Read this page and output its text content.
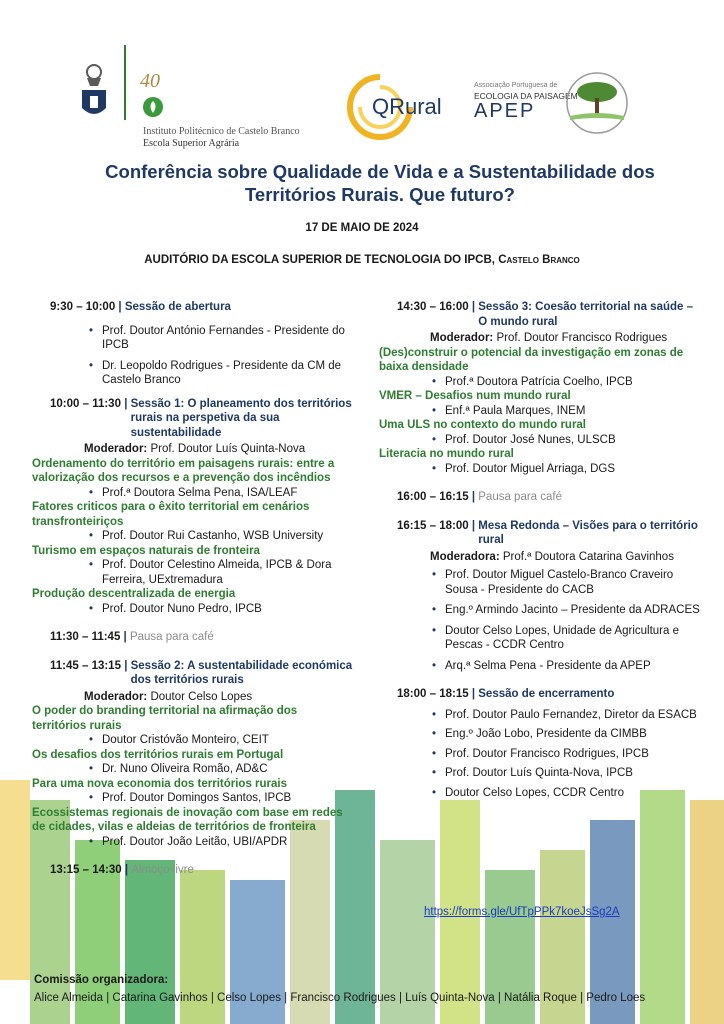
40
Instituto Politécnico de Castelo Branco
Escola Superior Agrária
QRural
Associação Portuguesa de
ECOLOGIA DA PAISAGEM
APEP
Conferência sobre Qualidade de Vida e a Sustentabilidade dos
Territórios Rurais. Que futuro?
17 DE MAIO DE 2024
AUDITÓRIO DA ESCOLA SUPERIOR DE TECNOLOGIA DO IPCB, Castelo Branco
9:30 – 10:00 | Sessão de abertura
• Prof. Doutor António Fernandes - Presidente do IPCB
• Dr. Leopoldo Rodrigues - Presidente da CM de Castelo Branco
10:00 – 11:30 | Sessão 1: O planeamento dos territórios rurais na perspetiva da sua sustentabilidade
Moderador: Prof. Doutor Luís Quinta-Nova
Ordenamento do território em paisagens rurais: entre a valorização dos recursos e a prevenção dos incêndios
• Prof.ª Doutora Selma Pena, ISA/LEAF
Fatores criticos para o êxito territorial em cenários transfronteiriços
• Prof. Doutor Rui Castanho, WSB University
Turismo em espaços naturais de fronteira
• Prof. Doutor Celestino Almeida, IPCB & Dora Ferreira, UExtremadura
Produção descentralizada de energia
• Prof. Doutor Nuno Pedro, IPCB
11:30 – 11:45 | Pausa para café
11:45 – 13:15 | Sessão 2: A sustentabilidade económica dos territórios rurais
Moderador: Doutor Celso Lopes
O poder do branding territorial na afirmação dos territórios rurais
• Doutor Cristóvão Monteiro, CEIT
Os desafios dos territórios rurais em Portugal
• Dr. Nuno Oliveira Romão, AD&C
Para uma nova economia dos territórios rurais
• Prof. Doutor Domingos Santos, IPCB
Ecossistemas regionais de inovação com base em redes de cidades, vilas e aldeias de territórios de fronteira
• Prof. Doutor João Leitão, UBI/APDR
13:15 – 14:30 | Almoço livre
14:30 – 16:00 | Sessão 3: Coesão territorial na saúde – O mundo rural
Moderador: Prof. Doutor Francisco Rodrigues
(Des)construir o potencial da investigação em zonas de baixa densidade
• Prof.ª Doutora Patrícia Coelho, IPCB
VMER – Desafios num mundo rural
• Enf.ª Paula Marques, INEM
Uma ULS no contexto do mundo rural
• Prof. Doutor José Nunes, ULSCB
Literacia no mundo rural
• Prof. Doutor Miguel Arriaga, DGS
16:00 – 16:15 | Pausa para café
16:15 – 18:00 | Mesa Redonda – Visões para o território rural
Moderadora: Prof.ª Doutora Catarina Gavinhos
• Prof. Doutor Miguel Castelo-Branco Craveiro Sousa - Presidente do CACB
• Eng.º Armindo Jacinto – Presidente da ADRACES
• Doutor Celso Lopes, Unidade de Agricultura e Pescas - CCDR Centro
• Arq.ª Selma Pena - Presidente da APEP
18:00 – 18:15 | Sessão de encerramento
• Prof. Doutor Paulo Fernandez, Diretor da ESACB
• Eng.º João Lobo, Presidente da CIMBB
• Prof. Doutor Francisco Rodrigues, IPCB
• Prof. Doutor Luís Quinta-Nova, IPCB
• Doutor Celso Lopes, CCDR Centro
https://forms.gle/UfTpPPk7koeJsSg2A
Comissão organizadora:
Alice Almeida | Catarina Gavinhos | Celso Lopes | Francisco Rodrigues | Luís Quinta-Nova | Natália Roque | Pedro Loes
